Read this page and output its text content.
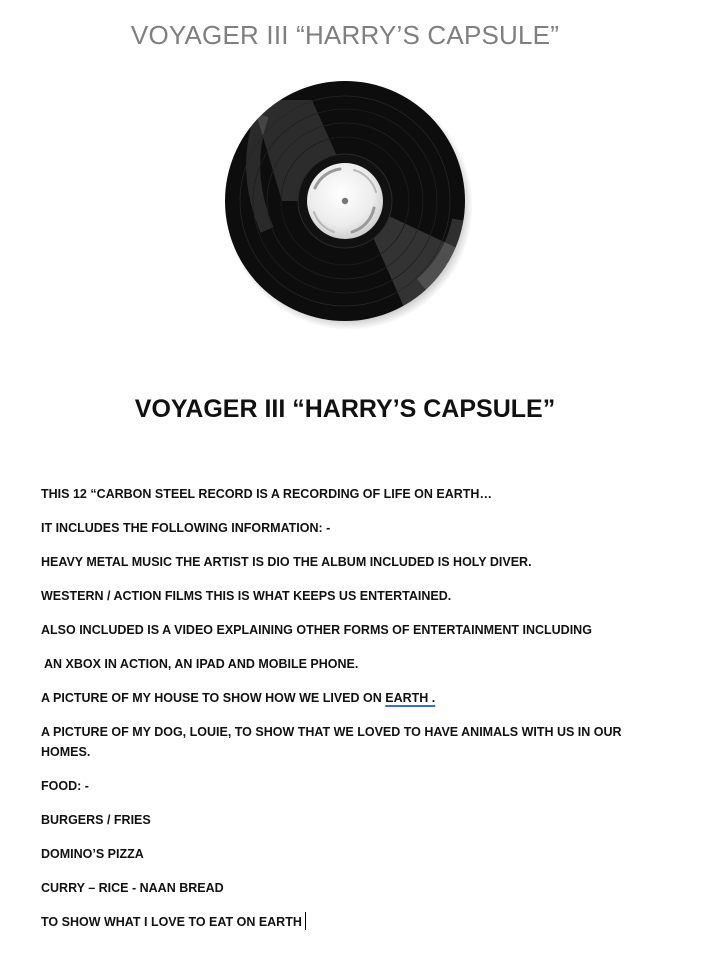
VOYAGER III “HARRY’S CAPSULE”
VOYAGER III “HARRY’S CAPSULE”
THIS 12 “CARBON STEEL RECORD IS A RECORDING OF LIFE ON EARTH…
IT INCLUDES THE FOLLOWING INFORMATION: -
HEAVY METAL MUSIC THE ARTIST IS DIO THE ALBUM INCLUDED IS HOLY DIVER.
WESTERN / ACTION FILMS THIS IS WHAT KEEPS US ENTERTAINED.
ALSO INCLUDED IS A VIDEO EXPLAINING OTHER FORMS OF ENTERTAINMENT INCLUDING
AN XBOX IN ACTION, AN IPAD AND MOBILE PHONE.
A PICTURE OF MY HOUSE TO SHOW HOW WE LIVED ON EARTH .
A PICTURE OF MY DOG, LOUIE, TO SHOW THAT WE LOVED TO HAVE ANIMALS WITH US IN OUR HOMES.
FOOD: -
BURGERS / FRIES
DOMINO’S PIZZA
CURRY – RICE - NAAN BREAD
TO SHOW WHAT I LOVE TO EAT ON EARTH
